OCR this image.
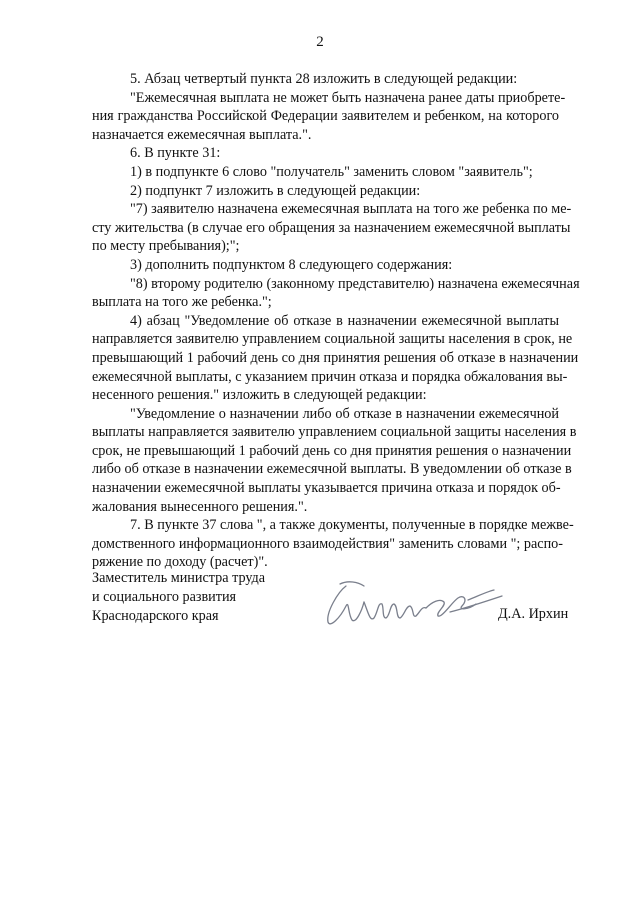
2
5. Абзац четвертый пункта 28 изложить в следующей редакции:
"Ежемесячная выплата не может быть назначена ранее даты приобрете-
ния гражданства Российской Федерации заявителем и ребенком, на которого
назначается ежемесячная выплата.".
6. В пункте 31:
1) в подпункте 6 слово "получатель" заменить словом "заявитель";
2) подпункт 7 изложить в следующей редакции:
"7) заявителю назначена ежемесячная выплата на того же ребенка по ме-
сту жительства (в случае его обращения за назначением ежемесячной выплаты
по месту пребывания);";
3) дополнить подпунктом 8 следующего содержания:
"8) второму родителю (законному представителю) назначена ежемесячная
выплата на того же ребенка.";
4) абзац "Уведомление об отказе в назначении ежемесячной выплаты
направляется заявителю управлением социальной защиты населения в срок, не
превышающий 1 рабочий день со дня принятия решения об отказе в назначении
ежемесячной выплаты, с указанием причин отказа и порядка обжалования вы-
несенного решения." изложить в следующей редакции:
"Уведомление о назначении либо об отказе в назначении ежемесячной
выплаты направляется заявителю управлением социальной защиты населения в
срок, не превышающий 1 рабочий день со дня принятия решения о назначении
либо об отказе в назначении ежемесячной выплаты. В уведомлении об отказе в
назначении ежемесячной выплаты указывается причина отказа и порядок об-
жалования вынесенного решения.".
7. В пункте 37 слова ", а также документы, полученные в порядке межве-
домственного информационного взаимодействия" заменить словами "; распо-
ряжение по доходу (расчет)".
Заместитель министра труда
и социального развития
Краснодарского края	Д.А. Ирхин
